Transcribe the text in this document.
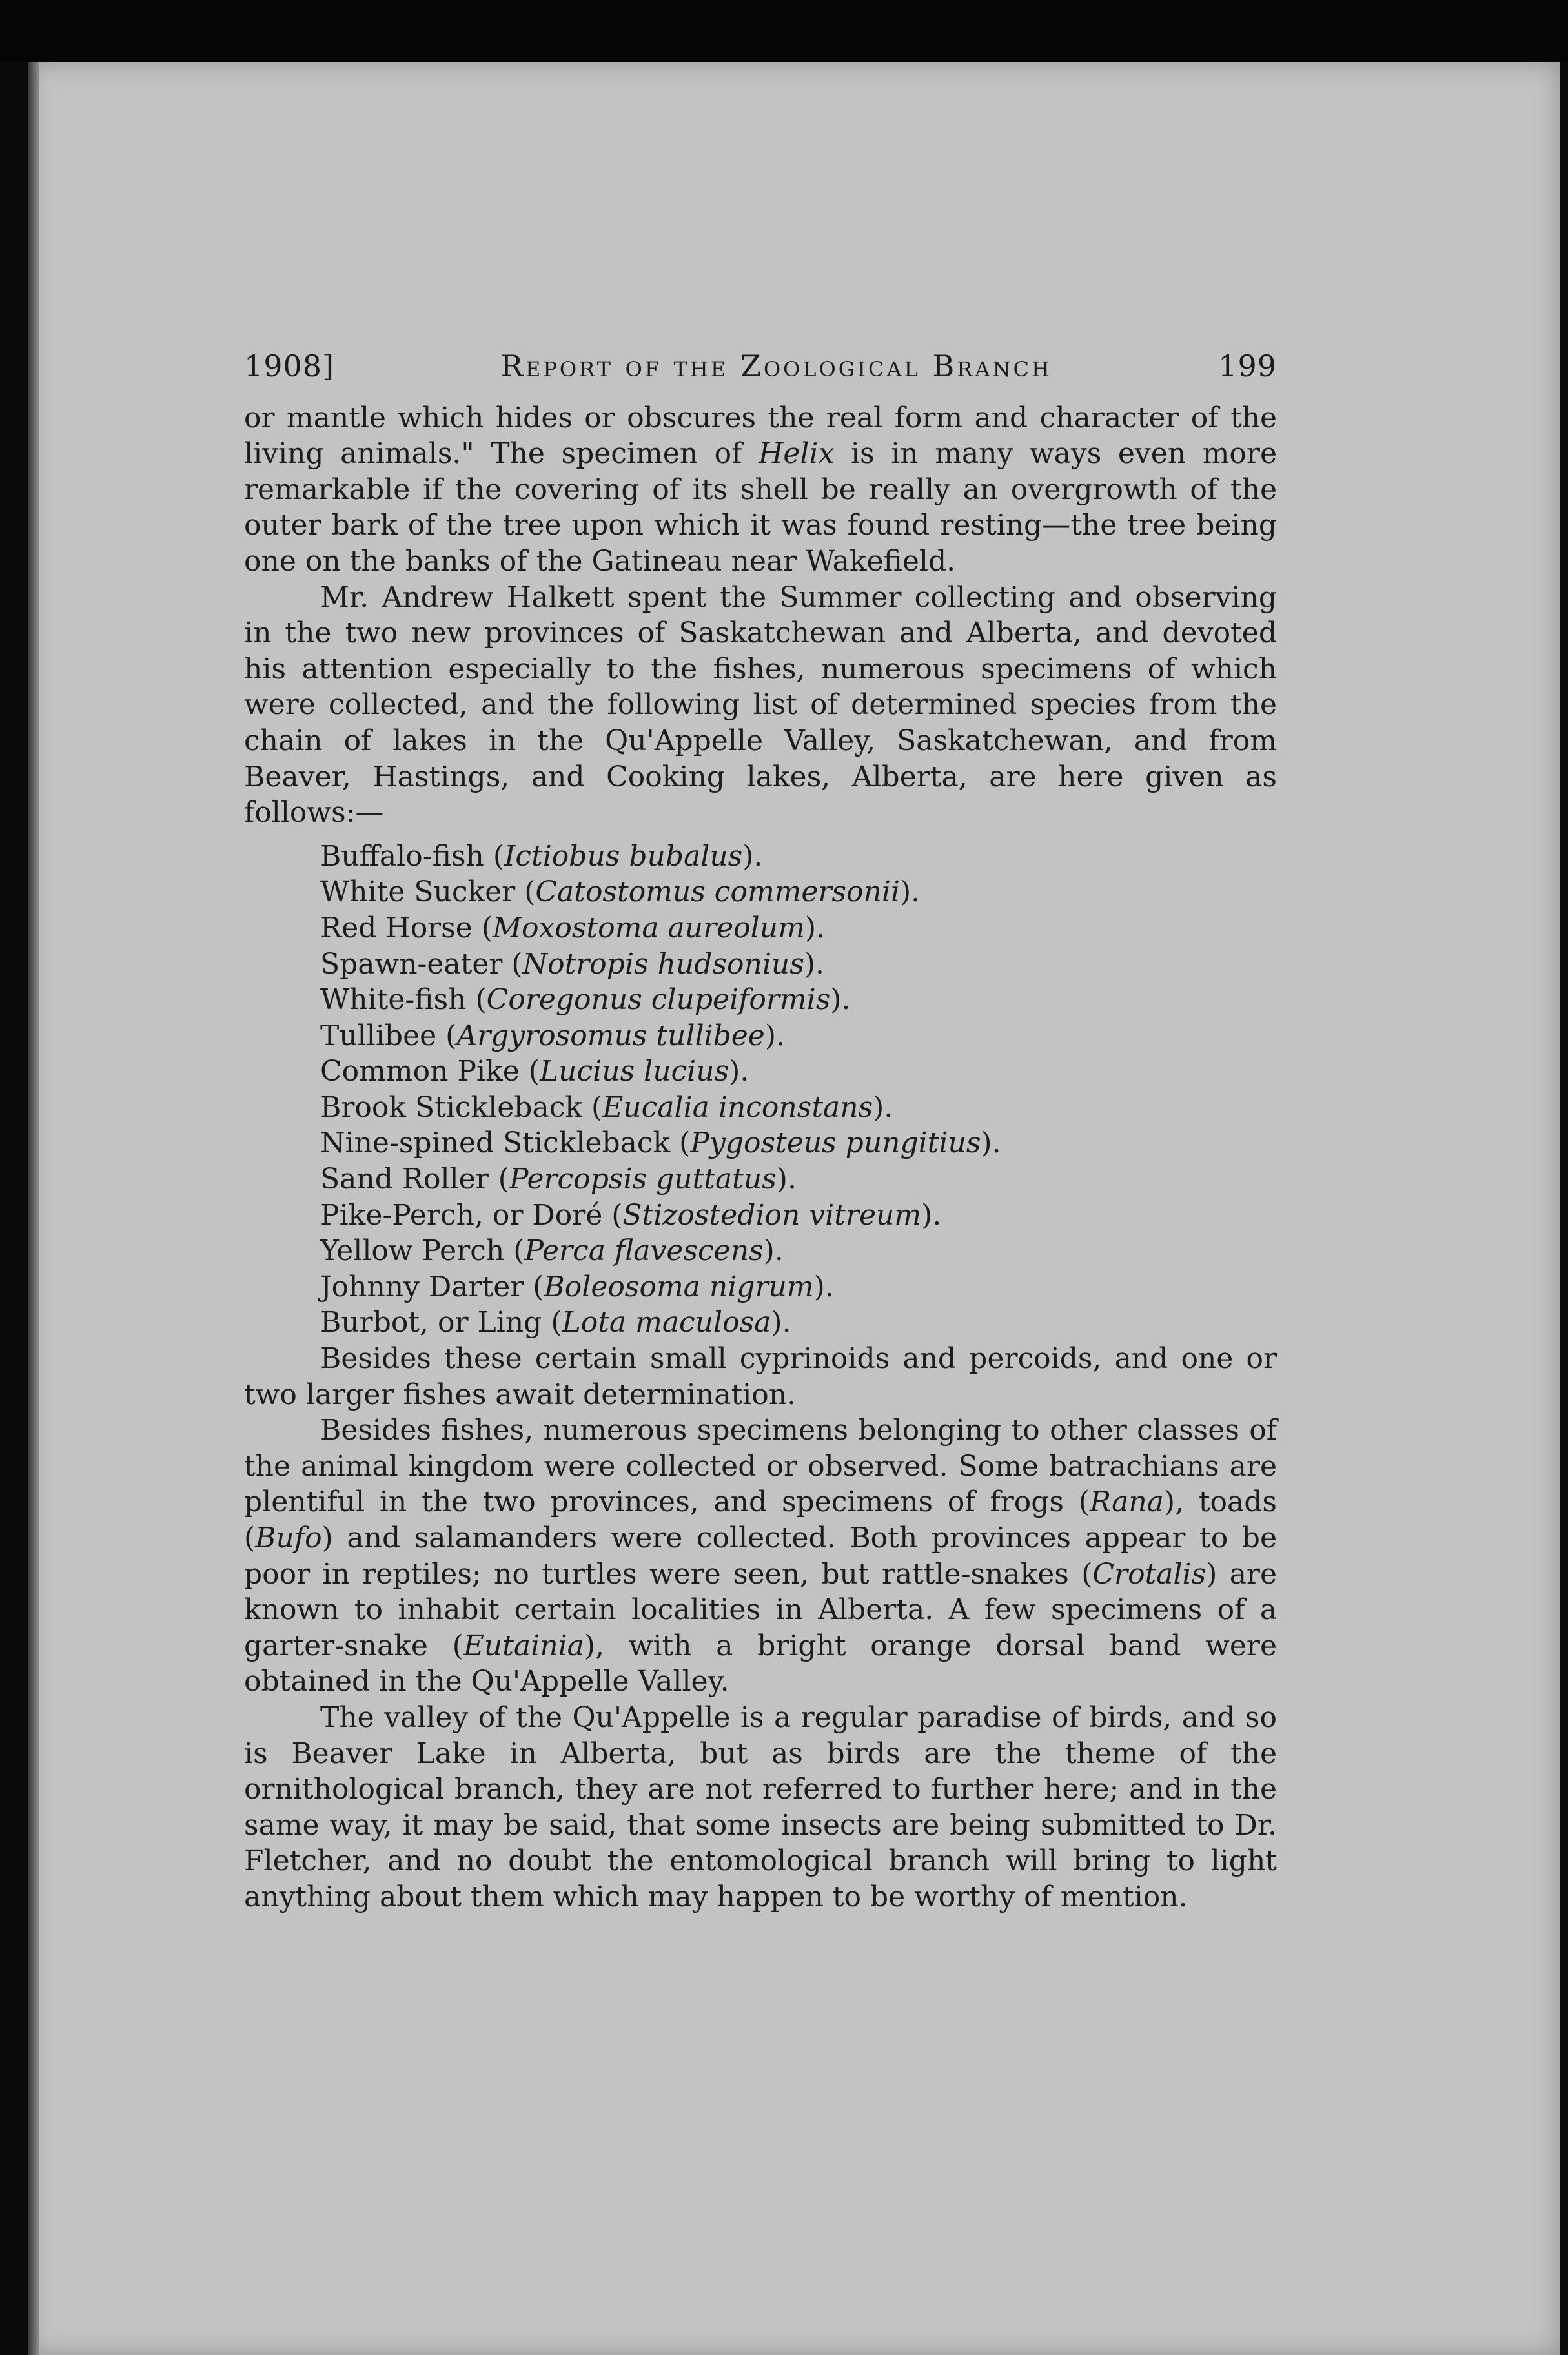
1908]	Report of the Zoological Branch	199

or mantle which hides or obscures the real form and character of the living animals." The specimen of Helix is in many ways even more remarkable if the covering of its shell be really an overgrowth of the outer bark of the tree upon which it was found resting—the tree being one on the banks of the Gatineau near Wakefield.

Mr. Andrew Halkett spent the Summer collecting and observing in the two new provinces of Saskatchewan and Alberta, and devoted his attention especially to the fishes, numerous specimens of which were collected, and the following list of determined species from the chain of lakes in the Qu'Appelle Valley, Saskatchewan, and from Beaver, Hastings, and Cooking lakes, Alberta, are here given as follows:—

Buffalo-fish (Ictiobus bubalus).
White Sucker (Catostomus commersonii).
Red Horse (Moxostoma aureolum).
Spawn-eater (Notropis hudsonius).
White-fish (Coregonus clupeiformis).
Tullibee (Argyrosomus tullibee).
Common Pike (Lucius lucius).
Brook Stickleback (Eucalia inconstans).
Nine-spined Stickleback (Pygosteus pungitius).
Sand Roller (Percopsis guttatus).
Pike-Perch, or Doré (Stizostedion vitreum).
Yellow Perch (Perca flavescens).
Johnny Darter (Boleosoma nigrum).
Burbot, or Ling (Lota maculosa).

Besides these certain small cyprinoids and percoids, and one or two larger fishes await determination.

Besides fishes, numerous specimens belonging to other classes of the animal kingdom were collected or observed. Some batrachians are plentiful in the two provinces, and specimens of frogs (Rana), toads (Bufo) and salamanders were collected. Both provinces appear to be poor in reptiles; no turtles were seen, but rattle-snakes (Crotalis) are known to inhabit certain localities in Alberta. A few specimens of a garter-snake (Eutainia), with a bright orange dorsal band were obtained in the Qu'Appelle Valley.

The valley of the Qu'Appelle is a regular paradise of birds, and so is Beaver Lake in Alberta, but as birds are the theme of the ornithological branch, they are not referred to further here; and in the same way, it may be said, that some insects are being submitted to Dr. Fletcher, and no doubt the entomological branch will bring to light anything about them which may happen to be worthy of mention.
